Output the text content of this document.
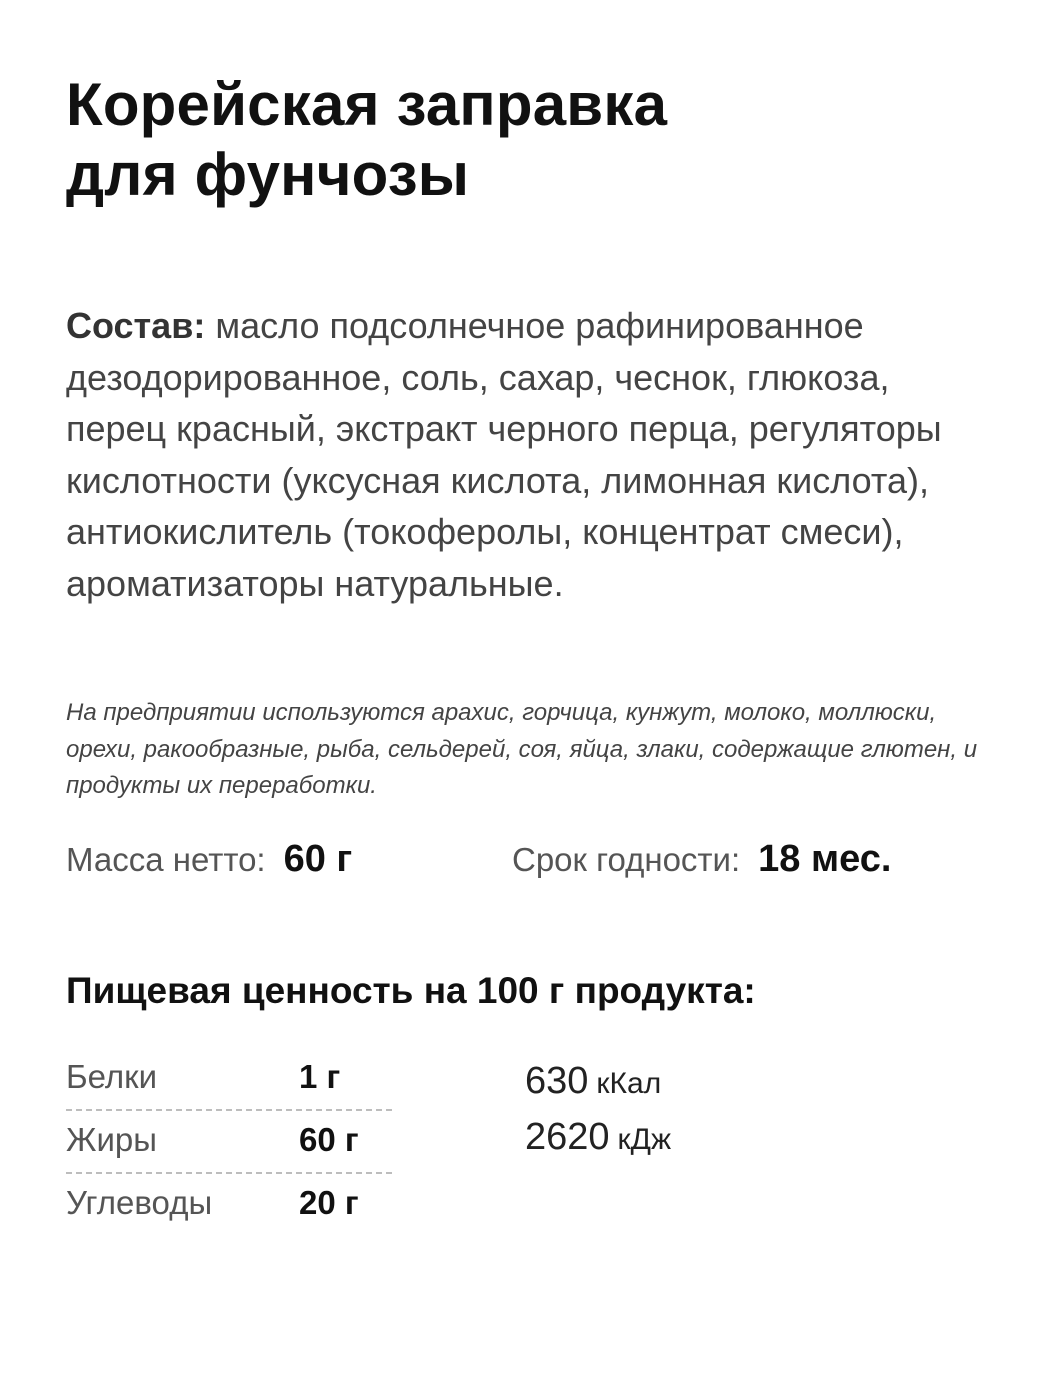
Корейская заправка
для фунчозы

Состав: масло подсолнечное рафинированное дезодорированное, соль, сахар, чеснок, глюкоза, перец красный, экстракт черного перца, регуляторы кислотности (уксусная кислота, лимонная кислота), антиокислитель (токоферолы, концентрат смеси), ароматизаторы натуральные.

На предприятии используются арахис, горчица, кунжут, молоко, моллюски, орехи, ракообразные, рыба, сельдерей, соя, яйца, злаки, содержащие глютен, и продукты их переработки.

Масса нетто: 60 г	Срок годности: 18 мес.
Пищевая ценность на 100 г продукта:
Белки	1 г
Жиры	60 г
Углеводы	20 г
630 кКал
2620 кДж
